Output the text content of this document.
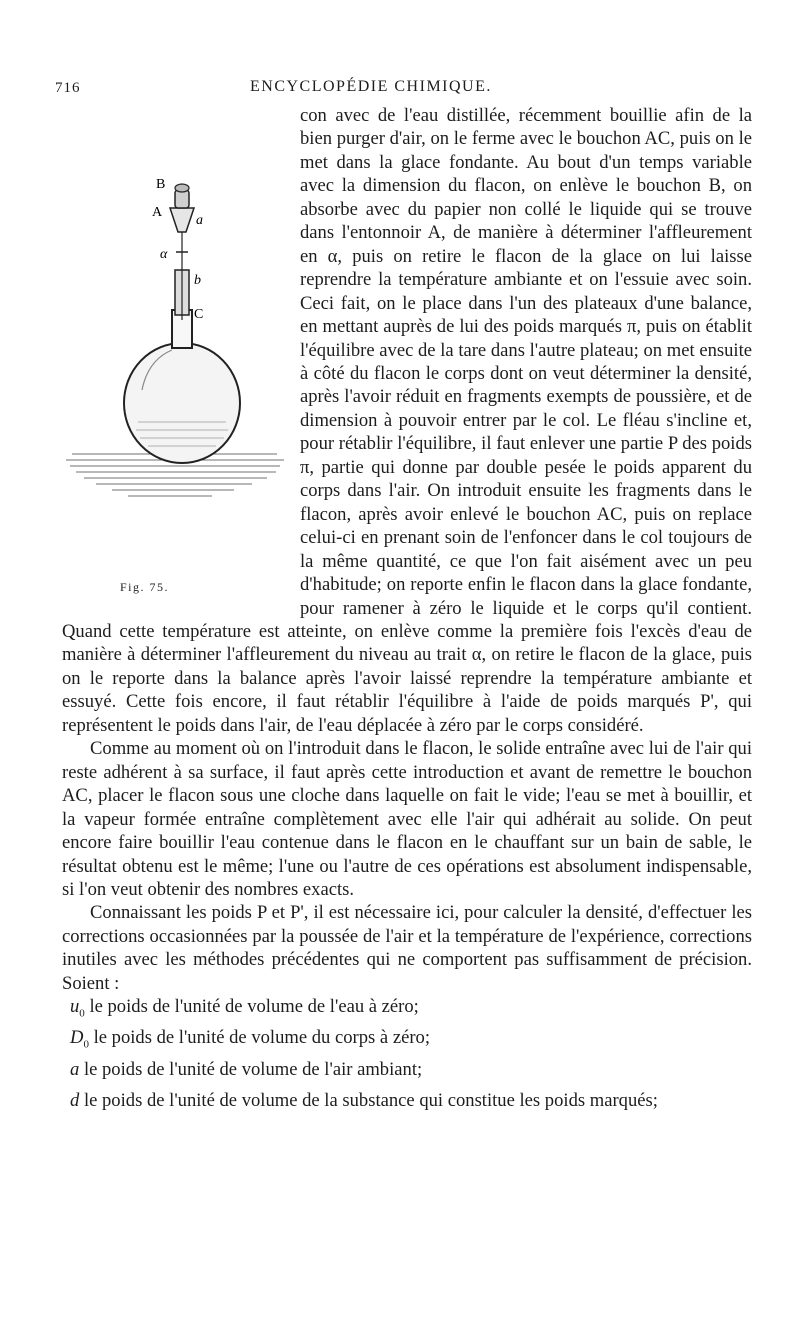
716	ENCYCLOPÉDIE CHIMIQUE.
B
A
a
α
b
C
Fig. 75.

con avec de l'eau distillée, récemment bouillie afin de la bien purger d'air, on le ferme avec le bouchon AC, puis on le met dans la glace fondante. Au bout d'un temps variable avec la dimension du flacon, on enlève le bouchon B, on absorbe avec du papier non collé le liquide qui se trouve dans l'entonnoir A, de manière à déterminer l'affleurement en α, puis on retire le flacon de la glace on lui laisse reprendre la température ambiante et on l'essuie avec soin. Ceci fait, on le place dans l'un des plateaux d'une balance, en mettant auprès de lui des poids marqués π, puis on établit l'équilibre avec de la tare dans l'autre plateau; on met ensuite à côté du flacon le corps dont on veut déterminer la densité, après l'avoir réduit en fragments exempts de poussière, et de dimension à pouvoir entrer par le col. Le fléau s'incline et, pour rétablir l'équilibre, il faut enlever une partie P des poids π, partie qui donne par double pesée le poids apparent du corps dans l'air. On introduit ensuite les fragments dans le flacon, après avoir enlevé le bouchon AC, puis on replace celui-ci en prenant soin de l'enfoncer dans le col toujours de la même quantité, ce que l'on fait aisément avec un peu d'habitude; on reporte enfin le flacon dans la glace fondante, pour ramener à zéro le liquide et le corps qu'il contient. Quand cette température est atteinte, on enlève comme la première fois l'excès d'eau de manière à déterminer l'affleurement du niveau au trait α, on retire le flacon de la glace, puis on le reporte dans la balance après l'avoir laissé reprendre la température ambiante et essuyé. Cette fois encore, il faut rétablir l'équilibre à l'aide de poids marqués P', qui représentent le poids dans l'air, de l'eau déplacée à zéro par le corps considéré.

Comme au moment où on l'introduit dans le flacon, le solide entraîne avec lui de l'air qui reste adhérent à sa surface, il faut après cette introduction et avant de remettre le bouchon AC, placer le flacon sous une cloche dans laquelle on fait le vide; l'eau se met à bouillir, et la vapeur formée entraîne complètement avec elle l'air qui adhérait au solide. On peut encore faire bouillir l'eau contenue dans le flacon en le chauffant sur un bain de sable, le résultat obtenu est le même; l'une ou l'autre de ces opérations est absolument indispensable, si l'on veut obtenir des nombres exacts.

Connaissant les poids P et P', il est nécessaire ici, pour calculer la densité, d'effectuer les corrections occasionnées par la poussée de l'air et la température de l'expérience, corrections inutiles avec les méthodes précédentes qui ne comportent pas suffisamment de précision. Soient :

$u_0$ le poids de l'unité de volume de l'eau à zéro;
$D_0$ le poids de l'unité de volume du corps à zéro;
a le poids de l'unité de volume de l'air ambiant;
d le poids de l'unité de volume de la substance qui constitue les poids marqués;
